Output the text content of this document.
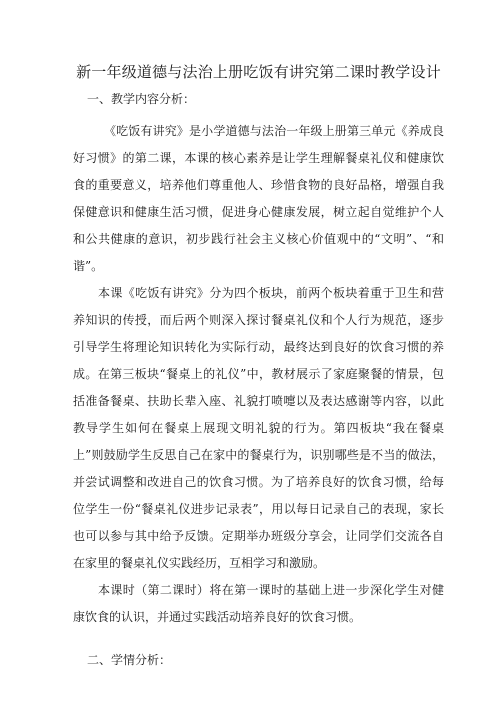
新一年级道德与法治上册吃饭有讲究第二课时教学设计
一、教学内容分析：

《吃饭有讲究》是小学道德与法治一年级上册第三单元《养成良好习惯》的第二课，本课的核心素养是让学生理解餐桌礼仪和健康饮食的重要意义，培养他们尊重他人、珍惜食物的良好品格，增强自我保健意识和健康生活习惯，促进身心健康发展，树立起自觉维护个人和公共健康的意识，初步践行社会主义核心价值观中的“文明”、“和谐”。

本课《吃饭有讲究》分为四个板块，前两个板块着重于卫生和营养知识的传授，而后两个则深入探讨餐桌礼仪和个人行为规范，逐步引导学生将理论知识转化为实际行动，最终达到良好的饮食习惯的养成。在第三板块“餐桌上的礼仪”中，教材展示了家庭聚餐的情景，包括准备餐桌、扶助长辈入座、礼貌打喷嚏以及表达感谢等内容，以此教导学生如何在餐桌上展现文明礼貌的行为。第四板块“我在餐桌上”则鼓励学生反思自己在家中的餐桌行为，识别哪些是不当的做法，并尝试调整和改进自己的饮食习惯。为了培养良好的饮食习惯，给每位学生一份“餐桌礼仪进步记录表”，用以每日记录自己的表现，家长也可以参与其中给予反馈。定期举办班级分享会，让同学们交流各自在家里的餐桌礼仪实践经历，互相学习和激励。

本课时（第二课时）将在第一课时的基础上进一步深化学生对健康饮食的认识，并通过实践活动培养良好的饮食习惯。

二、学情分析：
